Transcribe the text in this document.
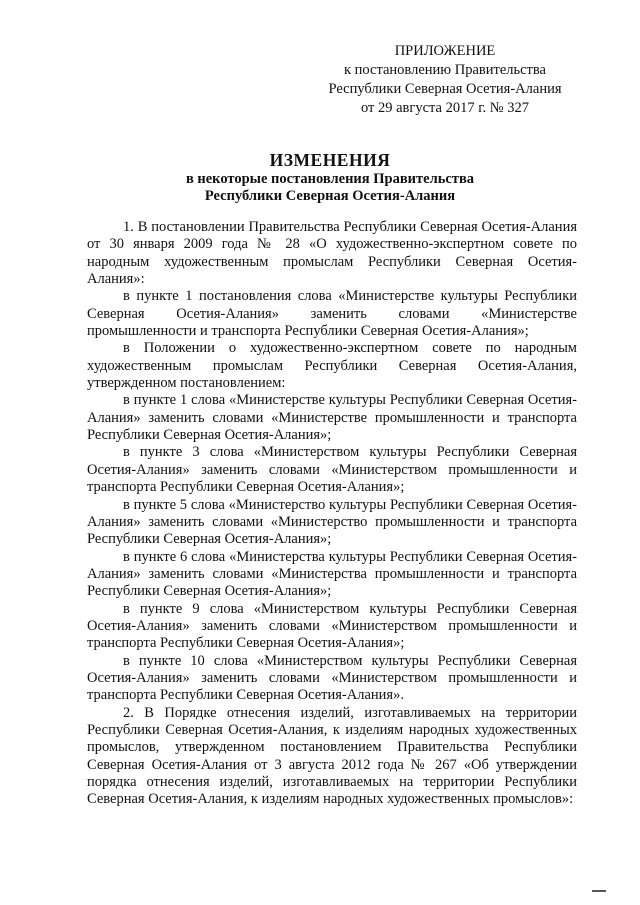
ПРИЛОЖЕНИЕ
к постановлению Правительства
Республики Северная Осетия-Алания
от 29 августа 2017 г. № 327
ИЗМЕНЕНИЯ
в некоторые постановления Правительства
Республики Северная Осетия-Алания

1. В постановлении Правительства Республики Северная Осетия-Алания от 30 января 2009 года № 28 «О художественно-экспертном совете по народным художественным промыслам Республики Северная Осетия-Алания»:

в пункте 1 постановления слова «Министерстве культуры Республики Северная Осетия-Алания» заменить словами «Министерстве промышленности и транспорта Республики Северная Осетия-Алания»;

в Положении о художественно-экспертном совете по народным художественным промыслам Республики Северная Осетия-Алания, утвержденном постановлением:

в пункте 1 слова «Министерстве культуры Республики Северная Осетия-Алания» заменить словами «Министерстве промышленности и транспорта Республики Северная Осетия-Алания»;

в пункте 3 слова «Министерством культуры Республики Северная Осетия-Алания» заменить словами «Министерством промышленности и транспорта Республики Северная Осетия-Алания»;

в пункте 5 слова «Министерство культуры Республики Северная Осетия-Алания» заменить словами «Министерство промышленности и транспорта Республики Северная Осетия-Алания»;

в пункте 6 слова «Министерства культуры Республики Северная Осетия-Алания» заменить словами «Министерства промышленности и транспорта Республики Северная Осетия-Алания»;

в пункте 9 слова «Министерством культуры Республики Северная Осетия-Алания» заменить словами «Министерством промышленности и транспорта Республики Северная Осетия-Алания»;

в пункте 10 слова «Министерством культуры Республики Северная Осетия-Алания» заменить словами «Министерством промышленности и транспорта Республики Северная Осетия-Алания».

2. В Порядке отнесения изделий, изготавливаемых на территории Республики Северная Осетия-Алания, к изделиям народных художественных промыслов, утвержденном постановлением Правительства Республики Северная Осетия-Алания от 3 августа 2012 года № 267 «Об утверждении порядка отнесения изделий, изготавливаемых на территории Республики Северная Осетия-Алания, к изделиям народных художественных промыслов»:
